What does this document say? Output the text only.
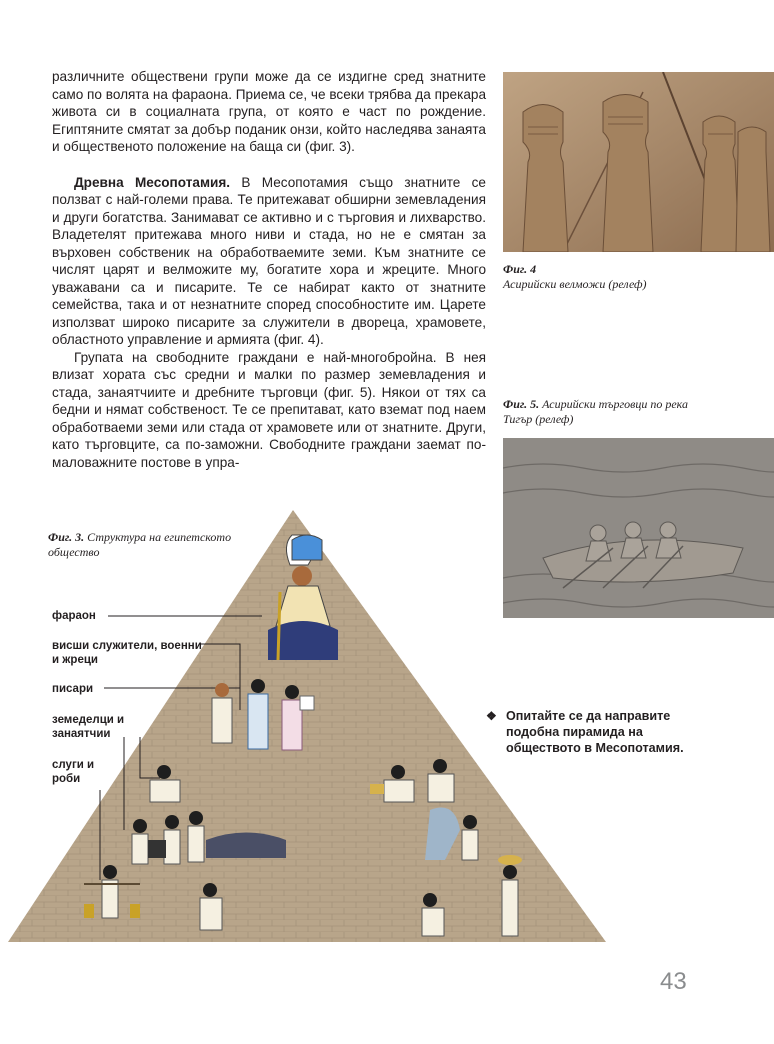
различните обществени групи може да се издигне сред знатните само по волята на фараона. Приема се, че всеки трябва да прекара живота си в социалната група, от която е част по рождение. Египтяните смятат за добър поданик онзи, който наследява занаята и общественото положение на баща си (фиг. 3).

Древна Месопотамия. В Месопотамия също знатните се ползват с най-големи права. Те притежават обширни земевладения и други богатства. Занимават се активно и с търговия и лихварство. Владетелят притежава много ниви и стада, но не е смятан за върховен собственик на обработваемите земи. Към знатните се числят царят и велможите му, богатите хора и жреците. Много уважавани са и писарите. Те се набират както от знатните семейства, така и от незнатните според способностите им. Царете използват широко писарите за служители в двореца, храмовете, областното управление и армията (фиг. 4).

Групата на свободните граждани е най-многобройна. В нея влизат хората със средни и малки по размер земевладения и стада, занаятчиите и дребните търговци (фиг. 5). Някои от тях са бедни и нямат собственост. Те се препитават, като вземат под наем обработваеми земи или стада от храмовете или от знатните. Други, като търговците, са по-заможни. Свободните граждани заемат по-маловажните постове в упра-

Фиг. 4
Асирийски велможи (релеф)
Фиг. 5. Асирийски търговци по река Тигър (релеф)
Фиг. 3. Структура на египетското общество
фараон
висши служители, военни и жреци
писари
земеделци и занаятчии
слуги и роби
❖ Опитайте се да направите подобна пирамида на обществото в Месопотамия.
43
